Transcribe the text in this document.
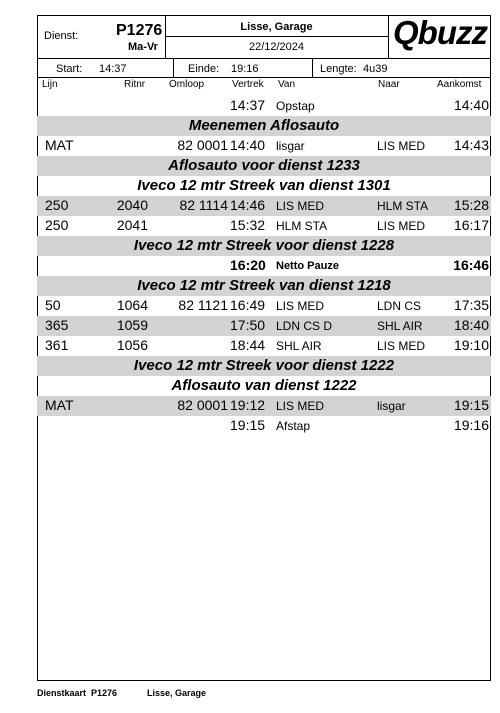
Dienst: P1276
Ma-Vr
Lisse, Garage
22/12/2024	Qbuzz
Start: 14:37	Einde: 19:16	Lengte: 4u39
Lijn	Ritnr Omloop	Vertrek Van	Naar	Aankomst
14:37 Opstap	14:40
Meenemen Aflosauto
MAT	82 0001 14:40 lisgar	LIS MED	14:43
Aflosauto voor dienst 1233
Iveco 12 mtr Streek van dienst 1301
250	2040	82 1114 14:46 LIS MED	HLM STA	15:28
250	2041	15:32 HLM STA	LIS MED	16:17
Iveco 12 mtr Streek voor dienst 1228
16:20 Netto Pauze	16:46
Iveco 12 mtr Streek van dienst 1218
50	1064	82 1121 16:49 LIS MED	LDN CS	17:35
365	1059	17:50 LDN CS D	SHL AIR	18:40
361	1056	18:44 SHL AIR	LIS MED	19:10
Iveco 12 mtr Streek voor dienst 1222
Aflosauto van dienst 1222
MAT	82 0001 19:12 LIS MED	lisgar	19:15
19:15 Afstap	19:16
Dienstkaart  P1276	Lisse, Garage
